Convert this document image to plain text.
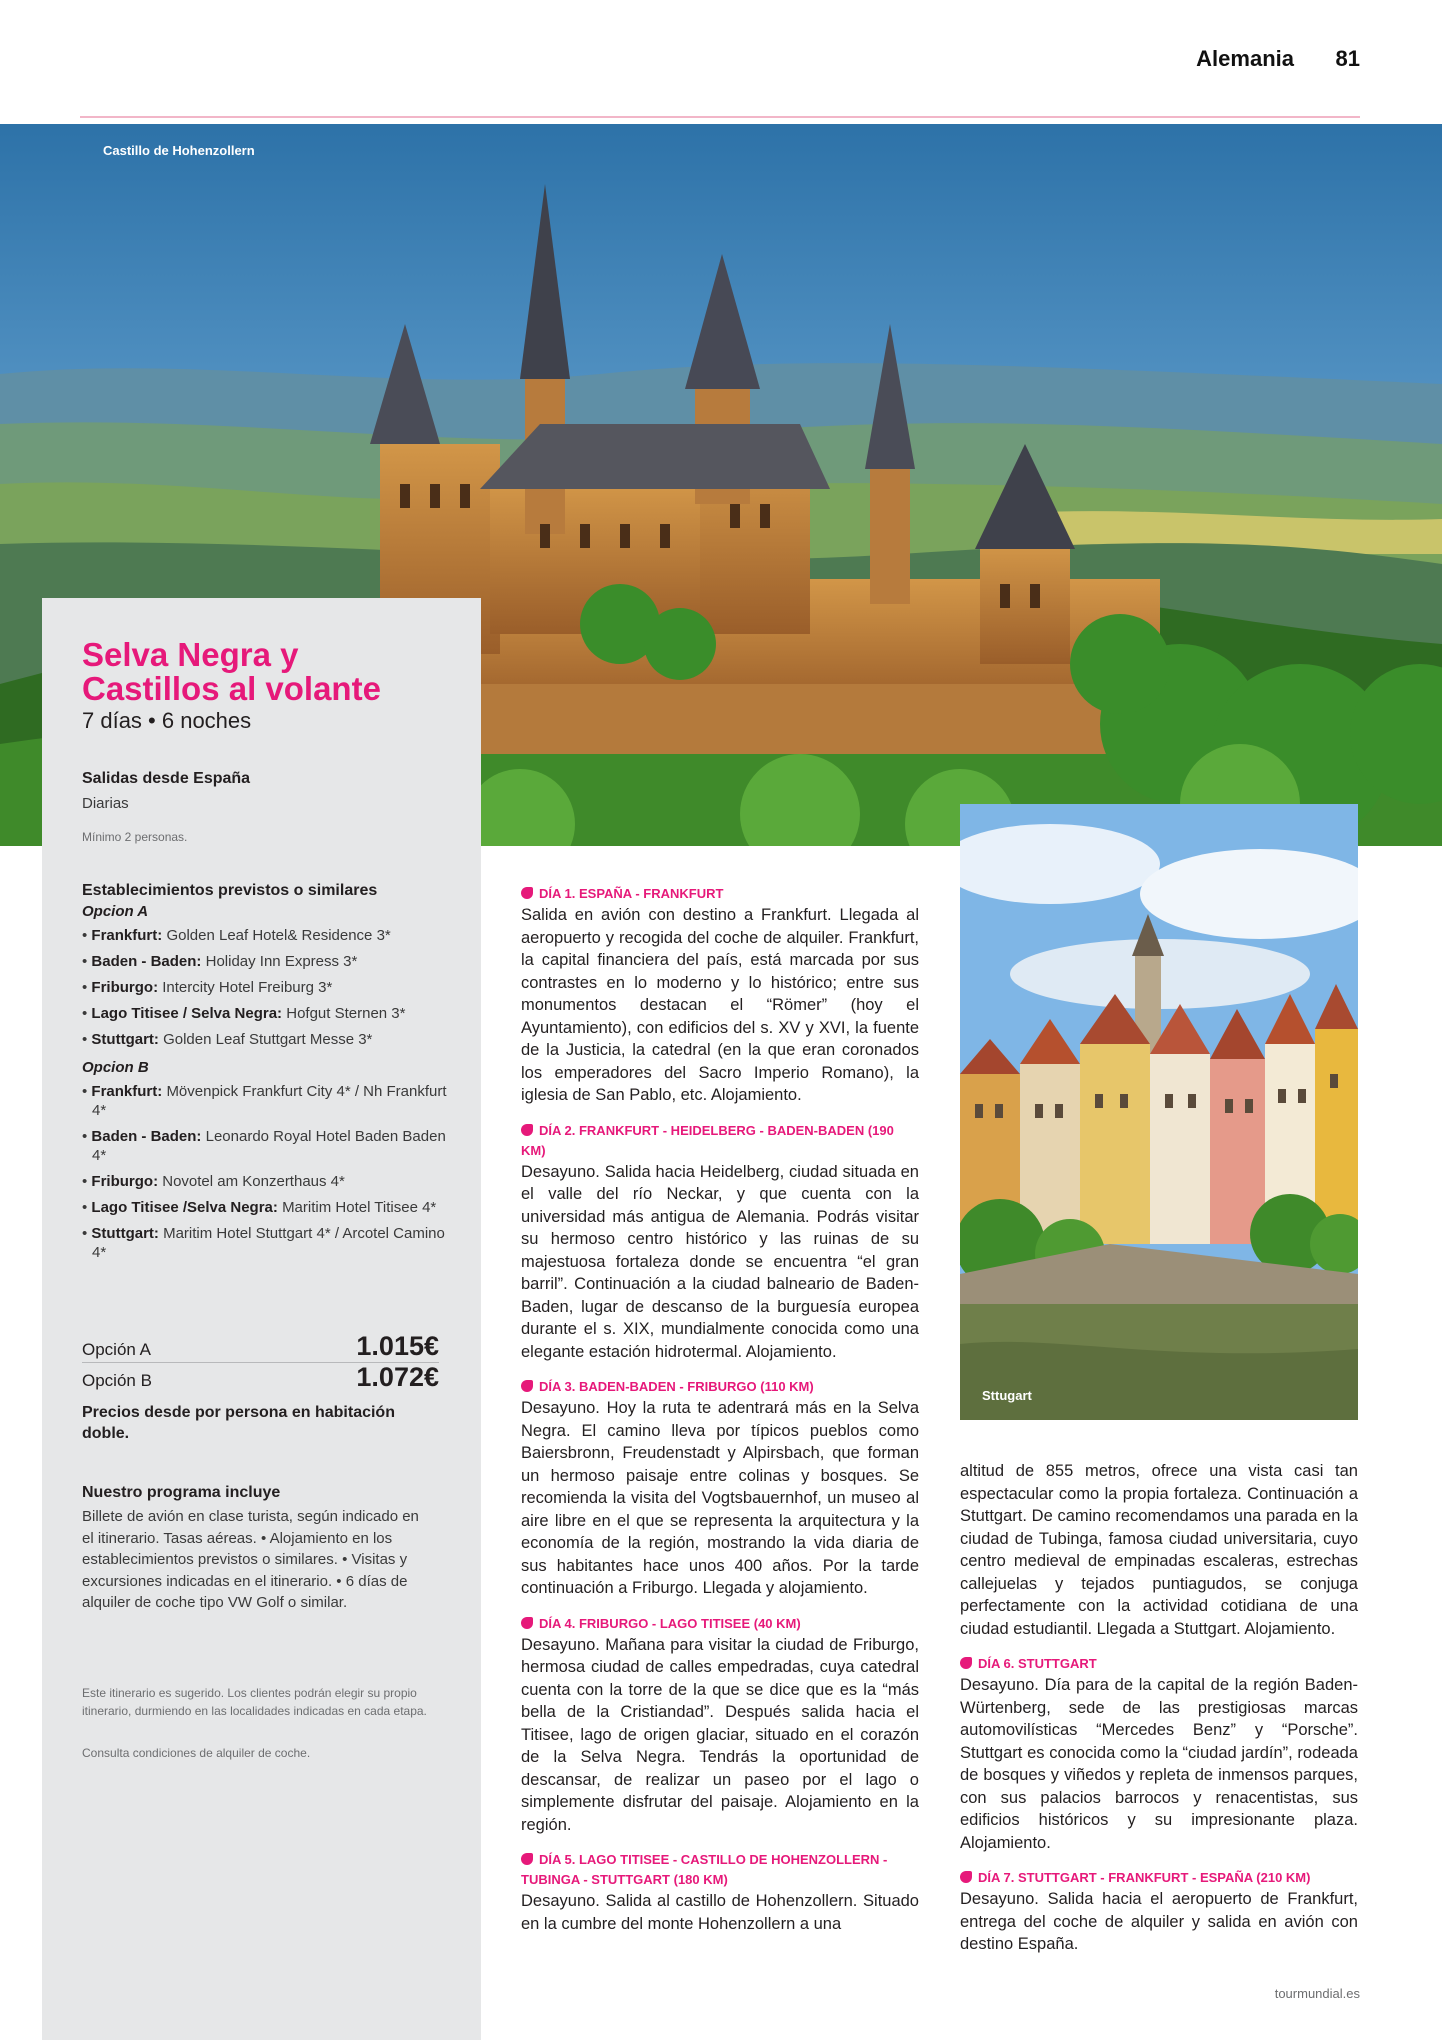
Alemania 81
Castillo de Hohenzollern
Selva Negra y
Castillos al volante
7 días • 6 noches
Salidas desde España
Diarias
Mínimo 2 personas.
Establecimientos previstos o similares
Opcion A
• Frankfurt: Golden Leaf Hotel& Residence 3*
• Baden - Baden: Holiday Inn Express 3*
• Friburgo: Intercity Hotel Freiburg 3*
• Lago Titisee / Selva Negra: Hofgut Sternen 3*
• Stuttgart: Golden Leaf Stuttgart Messe 3*
Opcion B
• Frankfurt: Mövenpick Frankfurt City 4* / Nh Frankfurt 4*
• Baden - Baden: Leonardo Royal Hotel Baden Baden 4*
• Friburgo: Novotel am Konzerthaus 4*
• Lago Titisee /Selva Negra: Maritim Hotel Titisee 4*
• Stuttgart: Maritim Hotel Stuttgart 4* / Arcotel Camino 4*
Opción A	1.015€
Opción B	1.072€
Precios desde por persona en habitación doble.
Nuestro programa incluye
Billete de avión en clase turista, según indicado en el itinerario. Tasas aéreas. • Alojamiento en los establecimientos previstos o similares. • Visitas y excursiones indicadas en el itinerario. • 6 días de alquiler de coche tipo VW Golf o similar.
Este itinerario es sugerido. Los clientes podrán elegir su propio itinerario, durmiendo en las localidades indicadas en cada etapa.
Consulta condiciones de alquiler de coche.
DÍA 1. ESPAÑA - FRANKFURT
Salida en avión con destino a Frankfurt. Llegada al aeropuerto y recogida del coche de alquiler. Frankfurt, la capital financiera del país, está marcada por sus contrastes en lo moderno y lo histórico; entre sus monumentos destacan el “Römer” (hoy el Ayuntamiento), con edificios del s. XV y XVI, la fuente de la Justicia, la catedral (en la que eran coronados los emperadores del Sacro Imperio Romano), la iglesia de San Pablo, etc. Alojamiento.
DÍA 2. FRANKFURT - HEIDELBERG - BADEN-BADEN (190 KM)
Desayuno. Salida hacia Heidelberg, ciudad situada en el valle del río Neckar, y que cuenta con la universidad más antigua de Alemania. Podrás visitar su hermoso centro histórico y las ruinas de su majestuosa fortaleza donde se encuentra “el gran barril”. Continuación a la ciudad balneario de Baden-Baden, lugar de descanso de la burguesía europea durante el s. XIX, mundialmente conocida como una elegante estación hidrotermal. Alojamiento.
DÍA 3. BADEN-BADEN - FRIBURGO (110 KM)
Desayuno. Hoy la ruta te adentrará más en la Selva Negra. El camino lleva por típicos pueblos como Baiersbronn, Freudenstadt y Alpirsbach, que forman un hermoso paisaje entre colinas y bosques. Se recomienda la visita del Vogtsbauernhof, un museo al aire libre en el que se representa la arquitectura y la economía de la región, mostrando la vida diaria de sus habitantes hace unos 400 años. Por la tarde continuación a Friburgo. Llegada y alojamiento.
DÍA 4. FRIBURGO - LAGO TITISEE (40 KM)
Desayuno. Mañana para visitar la ciudad de Friburgo, hermosa ciudad de calles empedradas, cuya catedral cuenta con la torre de la que se dice que es la “más bella de la Cristiandad”. Después salida hacia el Titisee, lago de origen glaciar, situado en el corazón de la Selva Negra. Tendrás la oportunidad de descansar, de realizar un paseo por el lago o simplemente disfrutar del paisaje. Alojamiento en la región.
DÍA 5. LAGO TITISEE - CASTILLO DE HOHENZOLLERN - TUBINGA - STUTTGART (180 KM)
Desayuno. Salida al castillo de Hohenzollern. Situado en la cumbre del monte Hohenzollern a una
Sttugart
altitud de 855 metros, ofrece una vista casi tan espectacular como la propia fortaleza. Continuación a Stuttgart. De camino recomendamos una parada en la ciudad de Tubinga, famosa ciudad universitaria, cuyo centro medieval de empinadas escaleras, estrechas callejuelas y tejados puntiagudos, se conjuga perfectamente con la actividad cotidiana de una ciudad estudiantil. Llegada a Stuttgart. Alojamiento.
DÍA 6. STUTTGART
Desayuno. Día para de la capital de la región Baden-Würtenberg, sede de las prestigiosas marcas automovilísticas “Mercedes Benz” y “Porsche”. Stuttgart es conocida como la “ciudad jardín”, rodeada de bosques y viñedos y repleta de inmensos parques, con sus palacios barrocos y renacentistas, sus edificios históricos y su impresionante plaza. Alojamiento.
DÍA 7. STUTTGART - FRANKFURT - ESPAÑA (210 KM)
Desayuno. Salida hacia el aeropuerto de Frankfurt, entrega del coche de alquiler y salida en avión con destino España.
tourmundial.es
